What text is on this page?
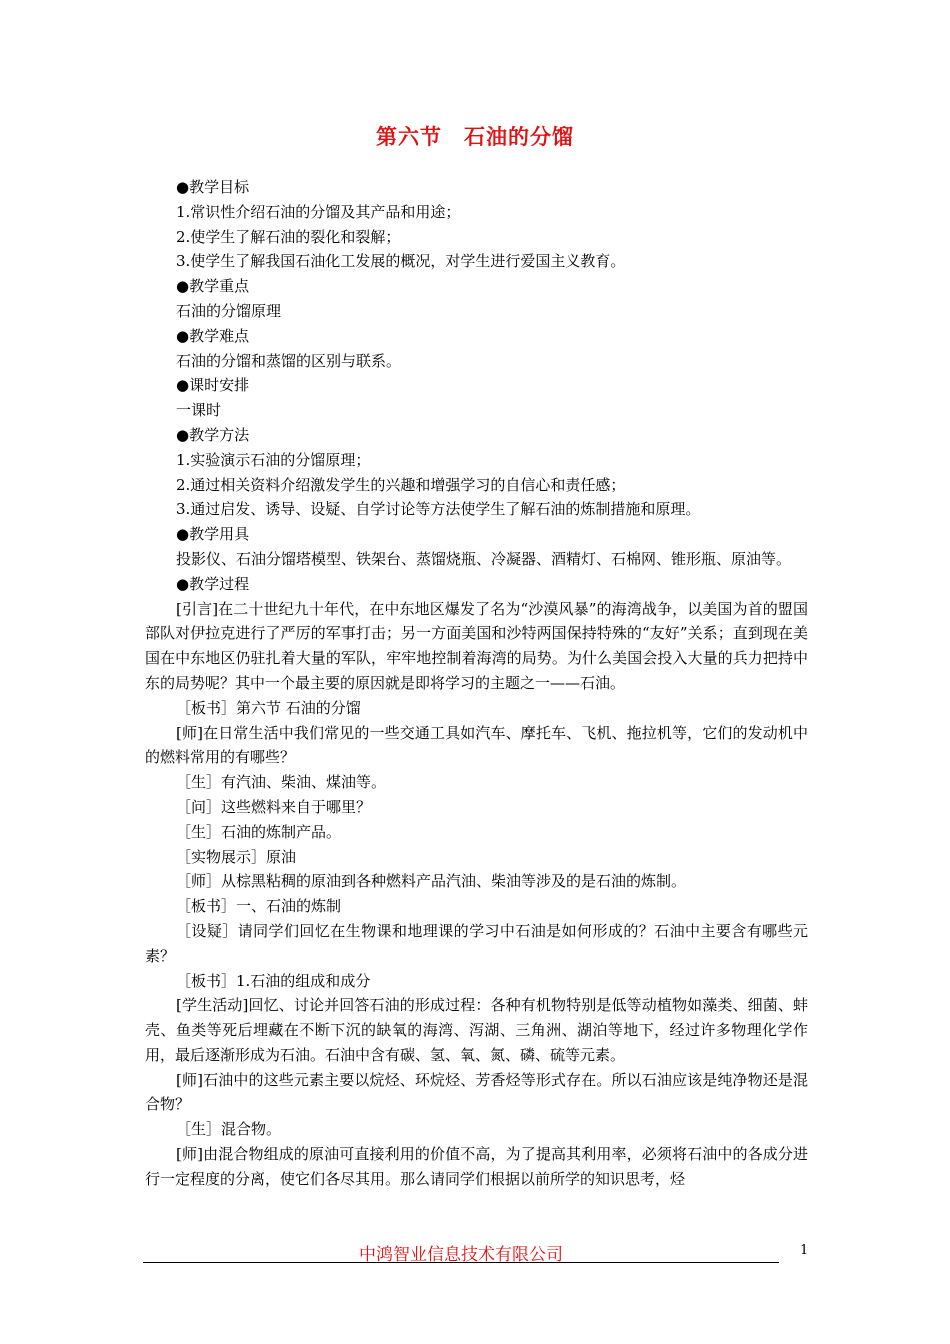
第六节　石油的分馏

●教学目标

1.常识性介绍石油的分馏及其产品和用途；

2.使学生了解石油的裂化和裂解；

3.使学生了解我国石油化工发展的概况，对学生进行爱国主义教育。

●教学重点

石油的分馏原理

●教学难点

石油的分馏和蒸馏的区别与联系。

●课时安排

一课时

●教学方法

1.实验演示石油的分馏原理；

2.通过相关资料介绍激发学生的兴趣和增强学习的自信心和责任感；

3.通过启发、诱导、设疑、自学讨论等方法使学生了解石油的炼制措施和原理。

●教学用具

投影仪、石油分馏塔模型、铁架台、蒸馏烧瓶、冷凝器、酒精灯、石棉网、锥形瓶、原油等。

●教学过程

[引言]在二十世纪九十年代，在中东地区爆发了名为“沙漠风暴”的海湾战争，以美国为首的盟国部队对伊拉克进行了严厉的军事打击；另一方面美国和沙特两国保持特殊的“友好”关系；直到现在美国在中东地区仍驻扎着大量的军队，牢牢地控制着海湾的局势。为什么美国会投入大量的兵力把持中东的局势呢？其中一个最主要的原因就是即将学习的主题之一——石油。

［板书］第六节 石油的分馏

[师]在日常生活中我们常见的一些交通工具如汽车、摩托车、飞机、拖拉机等，它们的发动机中的燃料常用的有哪些？

［生］有汽油、柴油、煤油等。

［问］这些燃料来自于哪里？

［生］石油的炼制产品。

［实物展示］原油

［师］从棕黑粘稠的原油到各种燃料产品汽油、柴油等涉及的是石油的炼制。

［板书］一、石油的炼制

［设疑］请同学们回忆在生物课和地理课的学习中石油是如何形成的？石油中主要含有哪些元素？

［板书］1.石油的组成和成分

[学生活动]回忆、讨论并回答石油的形成过程：各种有机物特别是低等动植物如藻类、细菌、蚌壳、鱼类等死后埋藏在不断下沉的缺氧的海湾、泻湖、三角洲、湖泊等地下，经过许多物理化学作用，最后逐渐形成为石油。石油中含有碳、氢、氧、氮、磷、硫等元素。

[师]石油中的这些元素主要以烷烃、环烷烃、芳香烃等形式存在。所以石油应该是纯净物还是混合物？

［生］混合物。

[师]由混合物组成的原油可直接利用的价值不高，为了提高其利用率，必须将石油中的各成分进行一定程度的分离，使它们各尽其用。那么请同学们根据以前所学的知识思考，烃

中鸿智业信息技术有限公司	1
